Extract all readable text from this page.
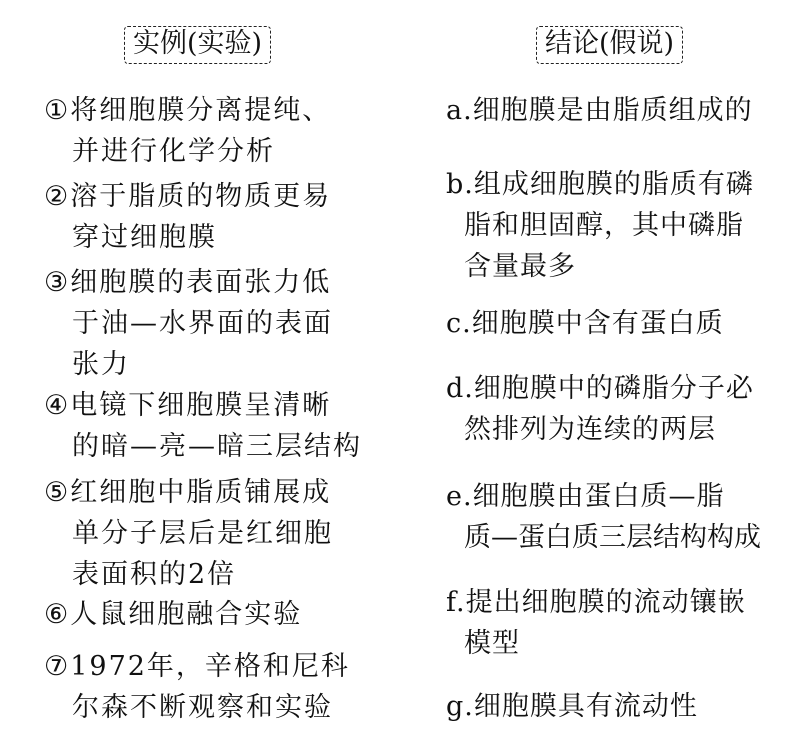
实例(实验)	结论(假说)
①将细胞膜分离提纯、
并进行化学分析
②溶于脂质的物质更易
穿过细胞膜
③细胞膜的表面张力低
于油—水界面的表面
张力
④电镜下细胞膜呈清晰
的暗—亮—暗三层结构
⑤红细胞中脂质铺展成
单分子层后是红细胞
表面积的2倍
⑥人鼠细胞融合实验
⑦1972年，辛格和尼科
尔森不断观察和实验
a.细胞膜是由脂质组成的
b.组成细胞膜的脂质有磷
脂和胆固醇，其中磷脂
含量最多
c.细胞膜中含有蛋白质
d.细胞膜中的磷脂分子必
然排列为连续的两层
e.细胞膜由蛋白质—脂
质—蛋白质三层结构构成
f.提出细胞膜的流动镶嵌
模型
g.细胞膜具有流动性
